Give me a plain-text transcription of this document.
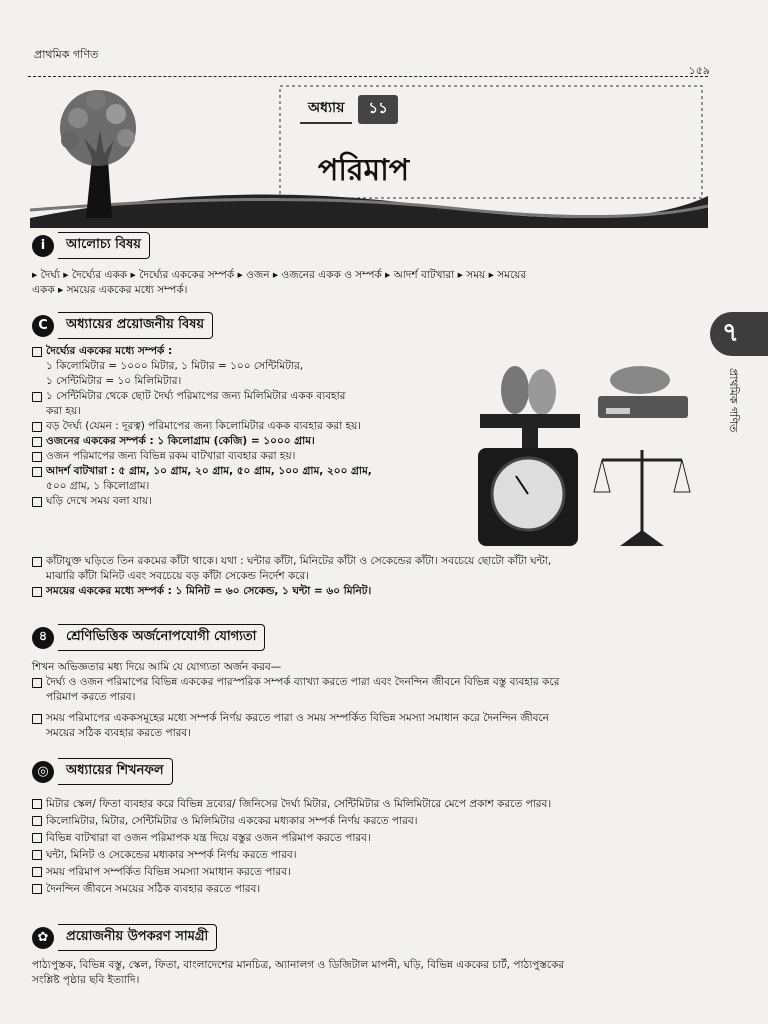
প্রাথমিক গণিত
১৫৯
অধ্যায়	১১
পরিমাপ
i	আলোচ্য বিষয়
▸ দৈর্ঘ্য ▸ দৈর্ঘ্যের একক ▸ দৈর্ঘ্যের এককের সম্পর্ক ▸ ওজন ▸ ওজনের একক ও সম্পর্ক ▸ আদর্শ বাটখারা ▸ সময় ▸ সময়ের
একক ▸ সময়ের এককের মধ্যে সম্পর্ক।
C	অধ্যায়ের প্রয়োজনীয় বিষয়
দৈর্ঘ্যের এককের মধ্যে সম্পর্ক :
১ কিলোমিটার = ১০০০ মিটার, ১ মিটার = ১০০ সেন্টিমিটার,
১ সেন্টিমিটার = ১০ মিলিমিটার।
১ সেন্টিমিটার থেকে ছোট দৈর্ঘ্য পরিমাপের জন্য মিলিমিটার একক ব্যবহার
করা হয়।
বড় দৈর্ঘ্য (যেমন : দূরত্ব) পরিমাপের জন্য কিলোমিটার একক ব্যবহার করা হয়।
ওজনের এককের সম্পর্ক : ১ কিলোগ্রাম (কেজি) = ১০০০ গ্রাম।
ওজন পরিমাপের জন্য বিভিন্ন রকম বাটখারা ব্যবহার করা হয়।
আদর্শ বাটখারা : ৫ গ্রাম, ১০ গ্রাম, ২০ গ্রাম, ৫০ গ্রাম, ১০০ গ্রাম, ২০০ গ্রাম,
৫০০ গ্রাম, ১ কিলোগ্রাম।
ঘড়ি দেখে সময় বলা যায়।
কাঁটাযুক্ত ঘড়িতে তিন রকমের কাঁটা থাকে। যথা : ঘন্টার কাঁটা, মিনিটের কাঁটা ও সেকেন্ডের কাঁটা। সবচেয়ে ছোটো কাঁটা ঘন্টা,
মাঝারি কাঁটা মিনিট এবং সবচেয়ে বড় কাঁটা সেকেন্ড নির্দেশ করে।
সময়ের এককের মধ্যে সম্পর্ক : ১ মিনিট = ৬০ সেকেন্ড, ১ ঘন্টা = ৬০ মিনিট।
৭
প্রাথমিক গণিত
৪	শ্রেণিভিত্তিক অর্জনোপযোগী যোগ্যতা
শিখন অভিজ্ঞতার মধ্য দিয়ে আমি যে যোগ্যতা অর্জন করব—
দৈর্ঘ্য ও ওজন পরিমাপের বিভিন্ন এককের পারস্পরিক সম্পর্ক ব্যাখ্যা করতে পারা এবং দৈনন্দিন জীবনে বিভিন্ন বস্তু ব্যবহার করে
পরিমাপ করতে পারব।
সময় পরিমাপের এককসমূহের মধ্যে সম্পর্ক নির্ণয় করতে পারা ও সময় সম্পর্কিত বিভিন্ন সমস্যা সমাধান করে দৈনন্দিন জীবনে
সময়ের সঠিক ব্যবহার করতে পারব।
◎	অধ্যায়ের শিখনফল
মিটার স্কেল/ ফিতা ব্যবহার করে বিভিন্ন দ্রব্যের/ জিনিসের দৈর্ঘ্য মিটার, সেন্টিমিটার ও মিলিমিটারে মেপে প্রকাশ করতে পারব।
কিলোমিটার, মিটার, সেন্টিমিটার ও মিলিমিটার এককের মধ্যকার সম্পর্ক নির্ণয় করতে পারব।
বিভিন্ন বাটখারা বা ওজন পরিমাপক যন্ত্র দিয়ে বস্তুর ওজন পরিমাপ করতে পারব।
ঘন্টা, মিনিট ও সেকেন্ডের মধ্যকার সম্পর্ক নির্ণয় করতে পারব।
সময় পরিমাপ সম্পর্কিত বিভিন্ন সমস্যা সমাধান করতে পারব।
দৈনন্দিন জীবনে সময়ের সঠিক ব্যবহার করতে পারব।
✿	প্রয়োজনীয় উপকরণ সামগ্রী
পাঠ্যপুস্তক, বিভিন্ন বস্তু, স্কেল, ফিতা, বাংলাদেশের মানচিত্র, অ্যানালগ ও ডিজিটাল মাপনী, ঘড়ি, বিভিন্ন এককের চার্ট, পাঠ্যপুস্তকের
সংশ্লিষ্ট পৃষ্ঠার ছবি ইত্যাদি।
